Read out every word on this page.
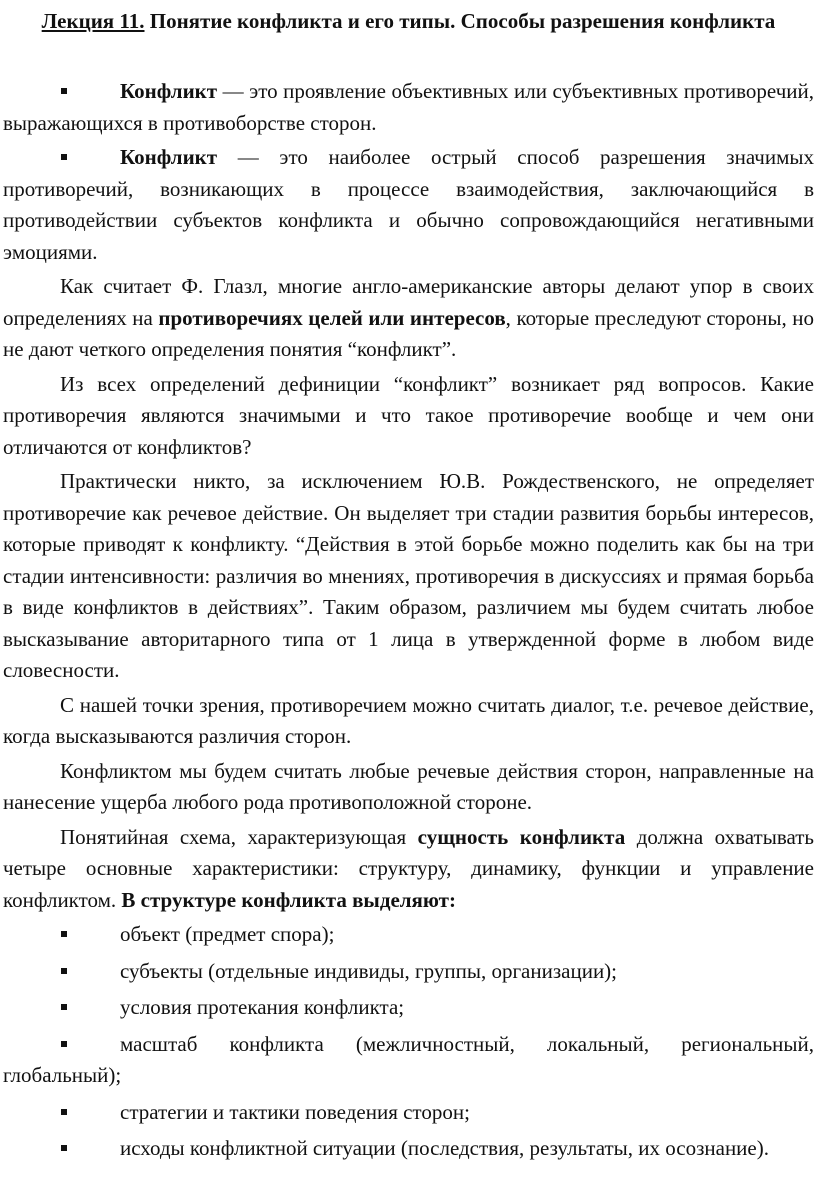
Лекция 11. Понятие конфликта и его типы. Способы разрешения конфликта

Конфликт — это проявление объективных или субъективных противоречий, выражающихся в противоборстве сторон.

Конфликт — это наиболее острый способ разрешения значимых противоречий, возникающих в процессе взаимодействия, заключающийся в противодействии субъектов конфликта и обычно сопровождающийся негативными эмоциями.

Как считает Ф. Глазл, многие англо-американские авторы делают упор в своих определениях на противоречиях целей или интересов, которые преследуют стороны, но не дают четкого определения понятия “конфликт”.

Из всех определений дефиниции “конфликт” возникает ряд вопросов. Какие противоречия являются значимыми и что такое противоречие вообще и чем они отличаются от конфликтов?

Практически никто, за исключением Ю.В. Рождественского, не определяет противоречие как речевое действие. Он выделяет три стадии развития борьбы интересов, которые приводят к конфликту. “Действия в этой борьбе можно поделить как бы на три стадии интенсивности: различия во мнениях, противоречия в дискуссиях и прямая борьба в виде конфликтов в действиях”. Таким образом, различием мы будем считать любое высказывание авторитарного типа от 1 лица в утвержденной форме в любом виде словесности.

С нашей точки зрения, противоречием можно считать диалог, т.е. речевое действие, когда высказываются различия сторон.

Конфликтом мы будем считать любые речевые действия сторон, направленные на нанесение ущерба любого рода противоположной стороне.

Понятийная схема, характеризующая сущность конфликта должна охватывать четыре основные характеристики: структуру, динамику, функции и управление конфликтом. В структуре конфликта выделяют:

объект (предмет спора);

субъекты (отдельные индивиды, группы, организации);

условия протекания конфликта;

масштаб конфликта (межличностный, локальный, региональный, глобальный);

стратегии и тактики поведения сторон;

исходы конфликтной ситуации (последствия, результаты, их осознание).
